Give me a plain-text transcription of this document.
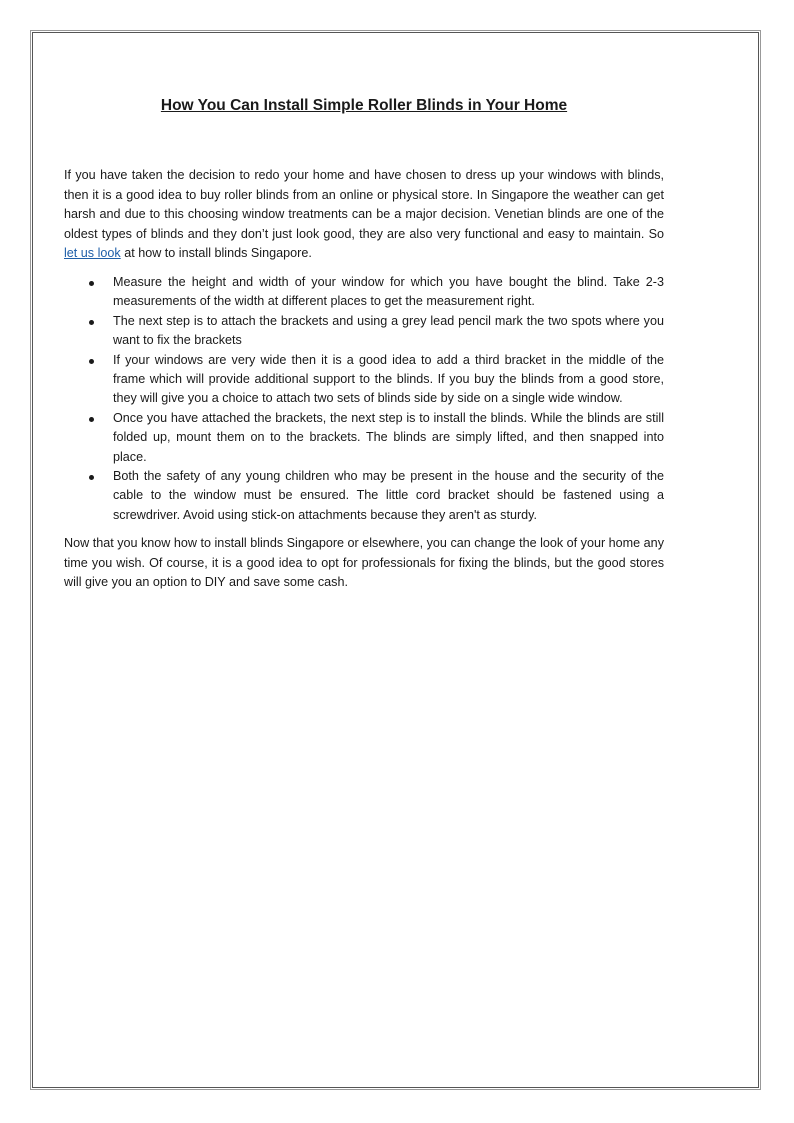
How You Can Install Simple Roller Blinds in Your Home

If you have taken the decision to redo your home and have chosen to dress up your windows with blinds, then it is a good idea to buy roller blinds from an online or physical store. In Singapore the weather can get harsh and due to this choosing window treatments can be a major decision. Venetian blinds are one of the oldest types of blinds and they don’t just look good, they are also very functional and easy to maintain. So let us look at how to install blinds Singapore.

Measure the height and width of your window for which you have bought the blind. Take 2-3 measurements of the width at different places to get the measurement right.
The next step is to attach the brackets and using a grey lead pencil mark the two spots where you want to fix the brackets
If your windows are very wide then it is a good idea to add a third bracket in the middle of the frame which will provide additional support to the blinds. If you buy the blinds from a good store, they will give you a choice to attach two sets of blinds side by side on a single wide window.
Once you have attached the brackets, the next step is to install the blinds. While the blinds are still folded up, mount them on to the brackets. The blinds are simply lifted, and then snapped into place.
Both the safety of any young children who may be present in the house and the security of the cable to the window must be ensured. The little cord bracket should be fastened using a screwdriver. Avoid using stick-on attachments because they aren't as sturdy.

Now that you know how to install blinds Singapore or elsewhere, you can change the look of your home any time you wish. Of course, it is a good idea to opt for professionals for fixing the blinds, but the good stores will give you an option to DIY and save some cash.
